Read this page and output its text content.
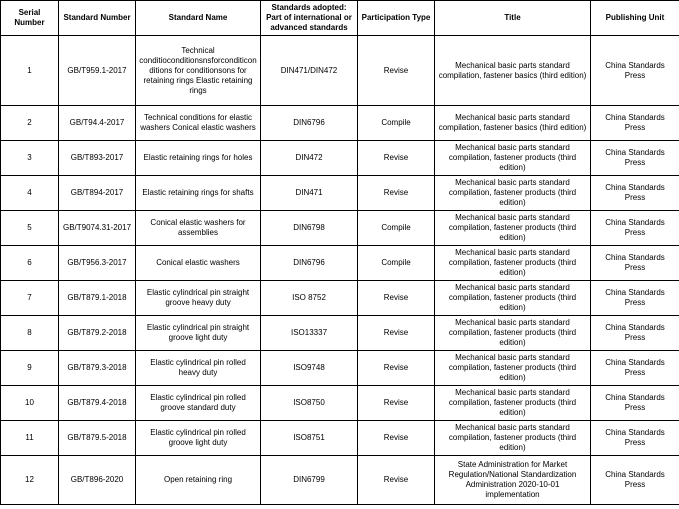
Serial Number	Standard Number	Standard Name	Standards adopted: Part of international or advanced standards	Participation Type	Title	Publishing Unit
1	GB/T959.1-2017	Technical conditioconditionsnsforconditiconditions for conditionsons for retaining rings Elastic retaining rings	DIN471/DIN472	Revise	Mechanical basic parts standard compilation, fastener basics (third edition)	China Standards Press
2	GB/T94.4-2017	Technical conditions for elastic washers Conical elastic washers	DIN6796	Compile	Mechanical basic parts standard compilation, fastener basics (third edition)	China Standards Press
3	GB/T893-2017	Elastic retaining rings for holes	DIN472	Revise	Mechanical basic parts standard compilation, fastener products (third edition)	China Standards Press
4	GB/T894-2017	Elastic retaining rings for shafts	DIN471	Revise	Mechanical basic parts standard compilation, fastener products (third edition)	China Standards Press
5	GB/T9074.31-2017	Conical elastic washers for assemblies	DIN6798	Compile	Mechanical basic parts standard compilation, fastener products (third edition)	China Standards Press
6	GB/T956.3-2017	Conical elastic washers	DIN6796	Compile	Mechanical basic parts standard compilation, fastener products (third edition)	China Standards Press
7	GB/T879.1-2018	Elastic cylindrical pin straight groove heavy duty	ISO 8752	Revise	Mechanical basic parts standard compilation, fastener products (third edition)	China Standards Press
8	GB/T879.2-2018	Elastic cylindrical pin straight groove light duty	ISO13337	Revise	Mechanical basic parts standard compilation, fastener products (third edition)	China Standards Press
9	GB/T879.3-2018	Elastic cylindrical pin rolled heavy duty	ISO9748	Revise	Mechanical basic parts standard compilation, fastener products (third edition)	China Standards Press
10	GB/T879.4-2018	Elastic cylindrical pin rolled groove standard duty	ISO8750	Revise	Mechanical basic parts standard compilation, fastener products (third edition)	China Standards Press
11	GB/T879.5-2018	Elastic cylindrical pin rolled groove light duty	ISO8751	Revise	Mechanical basic parts standard compilation, fastener products (third edition)	China Standards Press
12	GB/T896-2020	Open retaining ring	DIN6799	Revise	State Administration for Market Regulation/National Standardization Administration 2020-10-01 implementation	China Standards Press
